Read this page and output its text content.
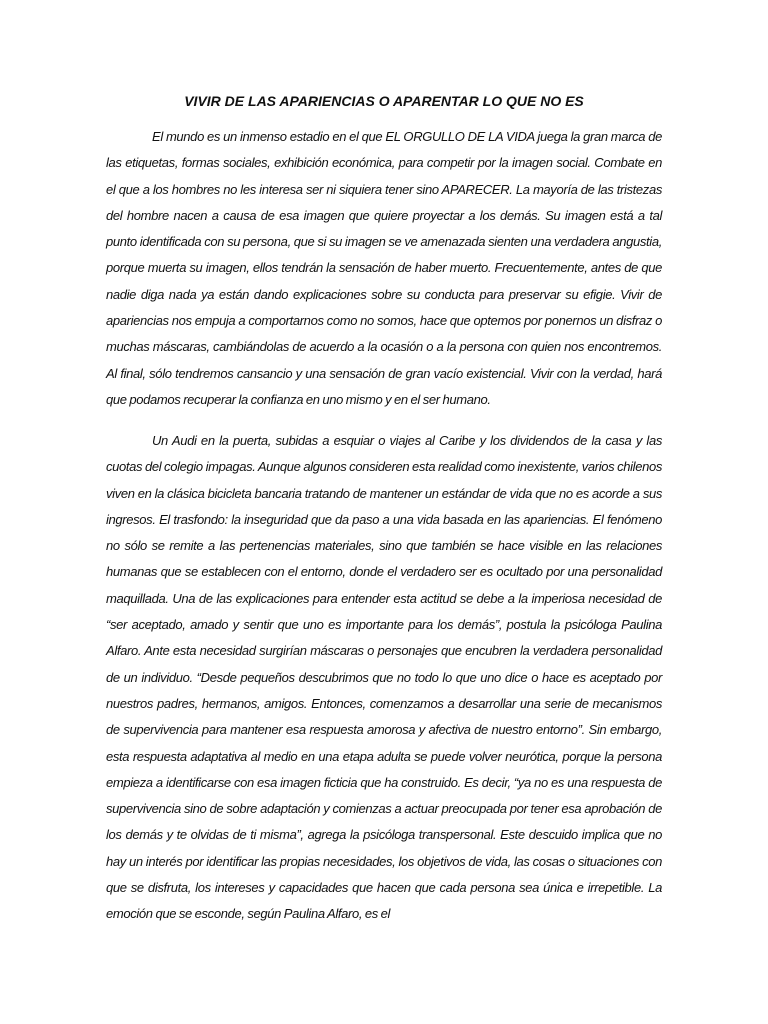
VIVIR DE LAS APARIENCIAS O APARENTAR LO QUE NO ES

El mundo es un inmenso estadio en el que EL ORGULLO DE LA VIDA juega la gran marca de las etiquetas, formas sociales, exhibición económica, para competir por la imagen social. Combate en el que a los hombres no les interesa ser ni siquiera tener sino APARECER. La mayoría de las tristezas del hombre nacen a causa de esa imagen que quiere proyectar a los demás. Su imagen está a tal punto identificada con su persona, que si su imagen se ve amenazada sienten una verdadera angustia, porque muerta su imagen, ellos tendrán la sensación de haber muerto. Frecuentemente, antes de que nadie diga nada ya están dando explicaciones sobre su conducta para preservar su efigie. Vivir de apariencias nos empuja a comportarnos como no somos, hace que optemos por ponernos un disfraz o muchas máscaras, cambiándolas de acuerdo a la ocasión o a la persona con quien nos encontremos. Al final, sólo tendremos cansancio y una sensación de gran vacío existencial. Vivir con la verdad, hará que podamos recuperar la confianza en uno mismo y en el ser humano.

Un Audi en la puerta, subidas a esquiar o viajes al Caribe y los dividendos de la casa y las cuotas del colegio impagas. Aunque algunos consideren esta realidad como inexistente, varios chilenos viven en la clásica bicicleta bancaria tratando de mantener un estándar de vida que no es acorde a sus ingresos. El trasfondo: la inseguridad que da paso a una vida basada en las apariencias. El fenómeno no sólo se remite a las pertenencias materiales, sino que también se hace visible en las relaciones humanas que se establecen con el entorno, donde el verdadero ser es ocultado por una personalidad maquillada. Una de las explicaciones para entender esta actitud se debe a la imperiosa necesidad de “ser aceptado, amado y sentir que uno es importante para los demás”, postula la psicóloga Paulina Alfaro. Ante esta necesidad surgirían máscaras o personajes que encubren la verdadera personalidad de un individuo. “Desde pequeños descubrimos que no todo lo que uno dice o hace es aceptado por nuestros padres, hermanos, amigos. Entonces, comenzamos a desarrollar una serie de mecanismos de supervivencia para mantener esa respuesta amorosa y afectiva de nuestro entorno”. Sin embargo, esta respuesta adaptativa al medio en una etapa adulta se puede volver neurótica, porque la persona empieza a identificarse con esa imagen ficticia que ha construido. Es decir, “ya no es una respuesta de supervivencia sino de sobre adaptación y comienzas a actuar preocupada por tener esa aprobación de los demás y te olvidas de ti misma”, agrega la psicóloga transpersonal. Este descuido implica que no hay un interés por identificar las propias necesidades, los objetivos de vida, las cosas o situaciones con que se disfruta, los intereses y capacidades que hacen que cada persona sea única e irrepetible. La emoción que se esconde, según Paulina Alfaro, es el
